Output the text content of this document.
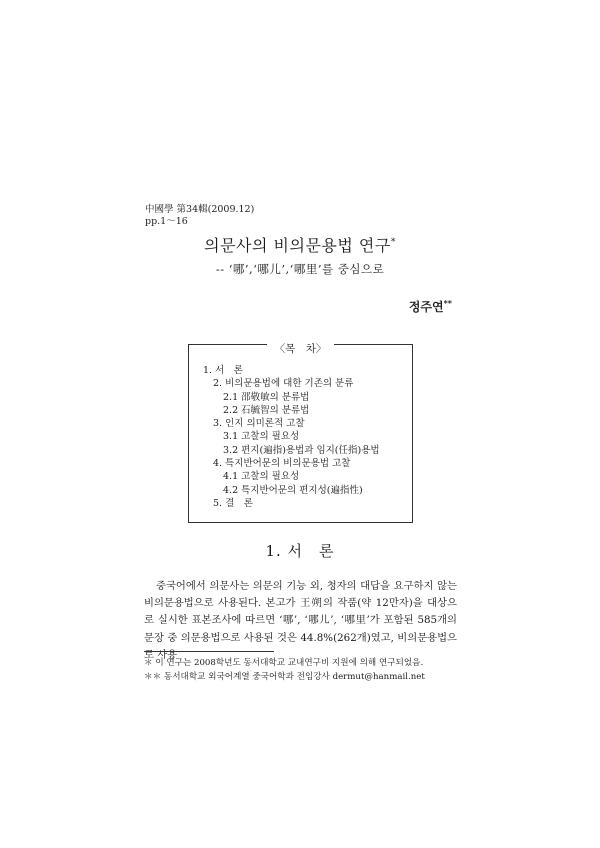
中國學 第34輯(2009.12)
pp.1～16
의문사의 비의문용법 연구*
-- ‘哪’,‘哪儿’,‘哪里’를 중심으로
정주연**
〈목　차〉
1. 서　론
2. 비의문용법에 대한 기존의 분류
2.1 邵敬敏의 분류법
2.2 石毓智의 분류법
3. 인지 의미론적 고찰
3.1 고찰의 필요성
3.2 편지(遍指)용법과 임지(任指)용법
4. 특지반어문의 비의문용법 고찰
4.1 고찰의 필요성
4.2 특지반어문의 편지성(遍指性)
5. 결　론
1. 서　론
중국어에서 의문사는 의문의 기능 외, 청자의 대답을 요구하지 않는 비의문용법으로 사용된다. 본고가 王朔의 작품(약 12만자)을 대상으로 실시한 표본조사에 따르면 ‘哪’, ‘哪儿’, ‘哪里’가 포함된 585개의 문장 중 의문용법으로 사용된 것은 44.8%(262개)였고, 비의문용법으로 사용
＊ 이 연구는 2008학년도 동서대학교 교내연구비 지원에 의해 연구되었음.
＊＊ 동서대학교 외국어계열 중국어학과 전임강사 dermut@hanmail.net
